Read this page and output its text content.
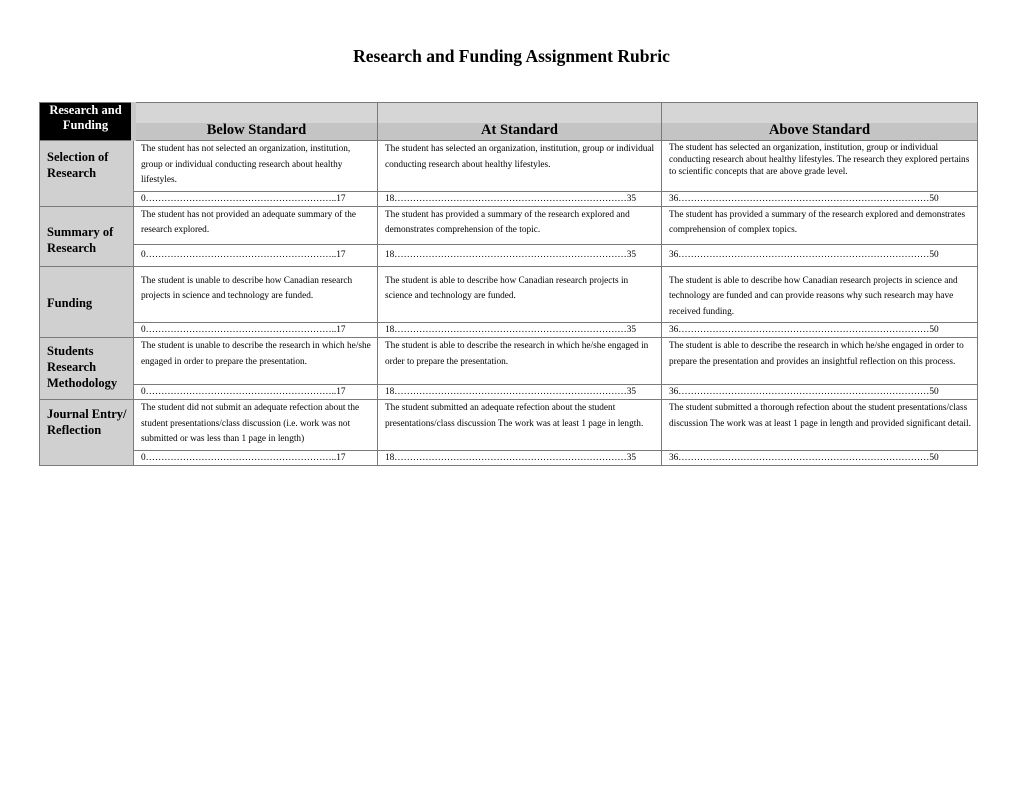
Research and Funding Assignment Rubric
Research and Funding	Below Standard	At Standard	Above Standard

Selection of Research	The student has not selected an organization, institution, group or individual conducting research about healthy lifestyles.	The student has selected an organization, institution, group or individual conducting research about healthy lifestyles.	The student has selected an organization, institution, group or individual conducting research about healthy lifestyles. The research they explored pertains to scientific concepts that are above grade level.
	0……………………………………………………..17	18…………………………………………………………………35	36………………………………………………………………………50
Summary of Research	The student has not provided an adequate summary of the research explored.	The student has provided a summary of the research explored and demonstrates comprehension of the topic.	The student has provided a summary of the research explored and demonstrates comprehension of complex topics.
	0……………………………………………………..17	18…………………………………………………………………35	36………………………………………………………………………50
Funding	The student is unable to describe how Canadian research projects in science and technology are funded.	The student is able to describe how Canadian research projects in science and technology are funded.	The student is able to describe how Canadian research projects in science and technology are funded and can provide reasons why such research may have received funding.
	0……………………………………………………..17	18…………………………………………………………………35	36………………………………………………………………………50
Students Research Methodology	The student is unable to describe the research in which he/she engaged in order to prepare the presentation.	The student is able to describe the research in which he/she engaged in order to prepare the presentation.	The student is able to describe the research in which he/she engaged in order to prepare the presentation and provides an insightful reflection on this process.
	0……………………………………………………..17	18…………………………………………………………………35	36………………………………………………………………………50
Journal Entry/ Reflection	The student did not submit an adequate refection about the student presentations/class discussion (i.e. work was not submitted or was less than 1 page in length)	The student submitted an adequate refection about the student presentations/class discussion The work was at least 1 page in length.	The student submitted a thorough refection about the student presentations/class discussion The work was at least 1 page in length and provided significant detail.
	0……………………………………………………..17	18…………………………………………………………………35	36………………………………………………………………………50
